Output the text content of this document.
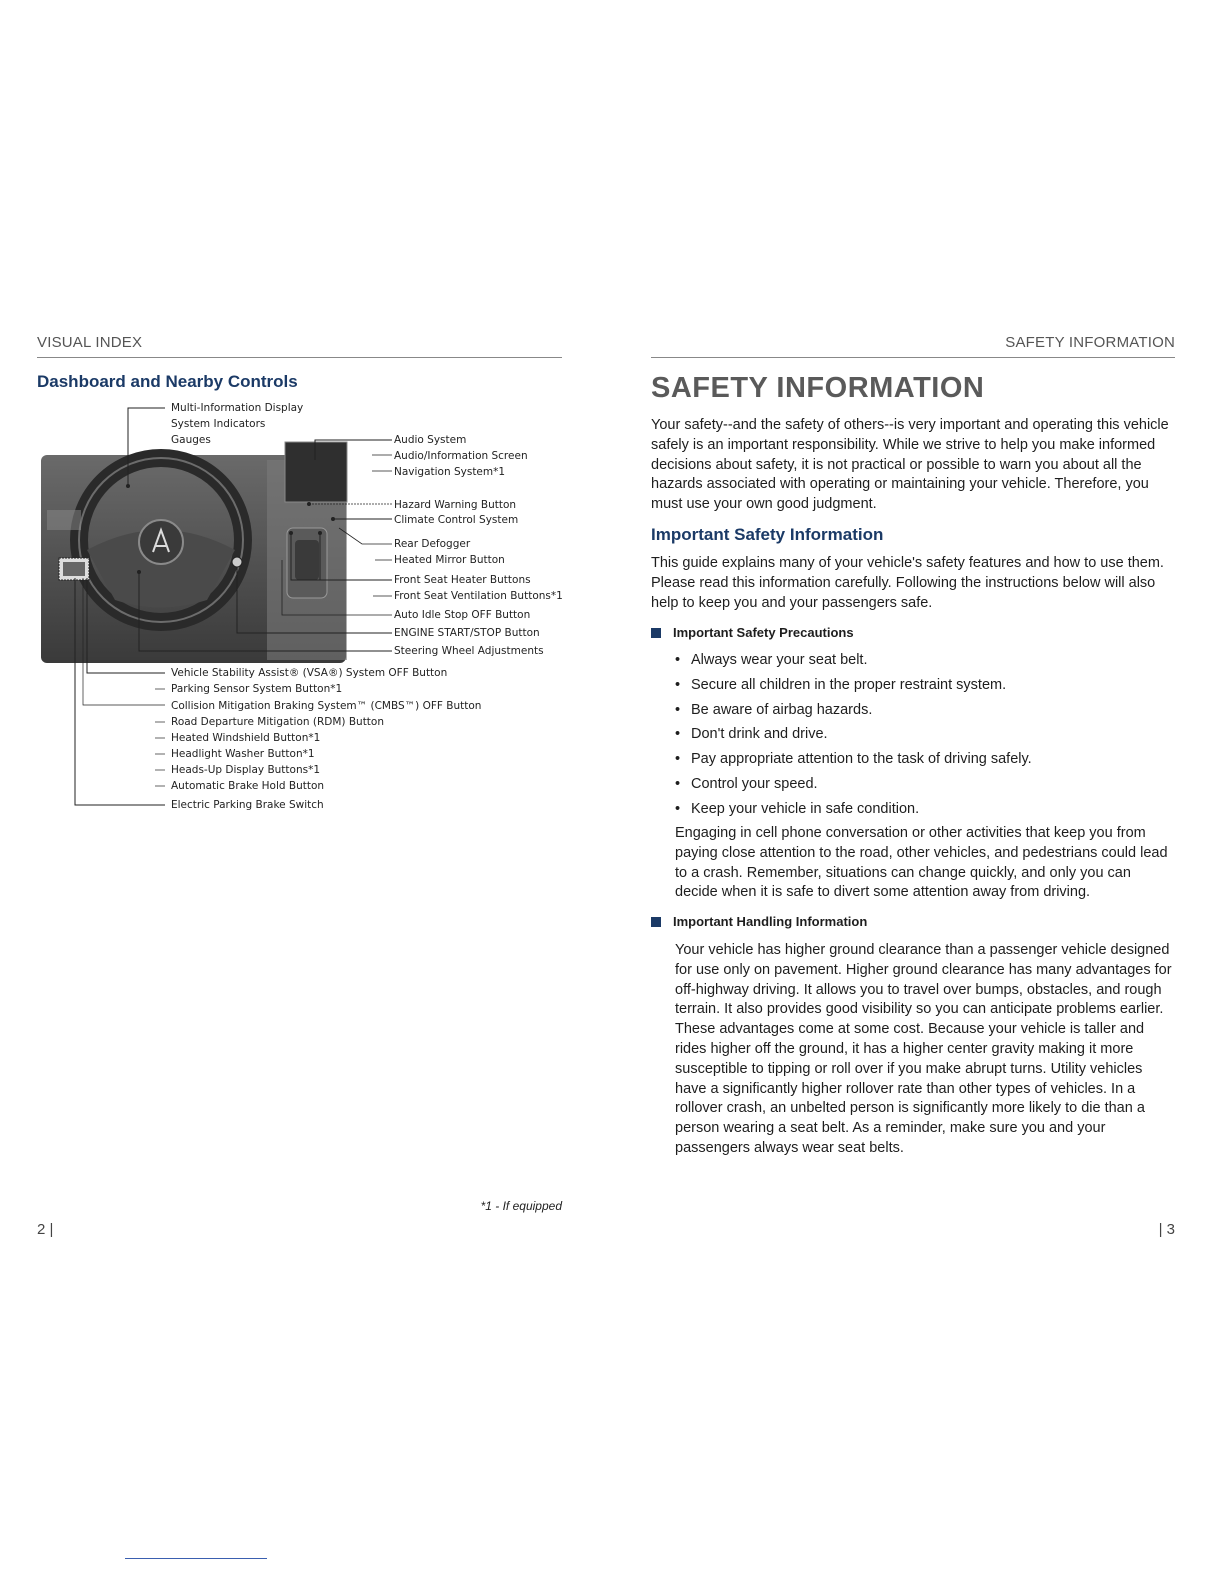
VISUAL INDEX
Dashboard and Nearby Controls
Multi-Information Display
System Indicators
Gauges	Audio System
Audio/Information Screen
Navigation System*1
Hazard Warning Button
Climate Control System
Rear Defogger
Heated Mirror Button
Front Seat Heater Buttons
Front Seat Ventilation Buttons*1
Auto Idle Stop OFF Button
ENGINE START/STOP Button
Steering Wheel Adjustments
Vehicle Stability Assist® (VSA®) System OFF Button
Parking Sensor System Button*1
Collision Mitigation Braking System™ (CMBS™) OFF Button
Road Departure Mitigation (RDM) Button
Heated Windshield Button*1
Headlight Washer Button*1
Heads-Up Display Buttons*1
Automatic Brake Hold Button
Electric Parking Brake Switch
*1 - If equipped
2 |
SAFETY INFORMATION
SAFETY INFORMATION
Your safety--and the safety of others--is very important and operating this vehicle safely is an important responsibility. While we strive to help you make informed decisions about safety, it is not practical or possible to warn you about all the hazards associated with operating or maintaining your vehicle. Therefore, you must use your own good judgment.
Important Safety Information
This guide explains many of your vehicle's safety features and how to use them. Please read this information carefully. Following the instructions below will also help to keep you and your passengers safe.
Important Safety Precautions
• Always wear your seat belt.
• Secure all children in the proper restraint system.
• Be aware of airbag hazards.
• Don't drink and drive.
• Pay appropriate attention to the task of driving safely.
• Control your speed.
• Keep your vehicle in safe condition.
Engaging in cell phone conversation or other activities that keep you from paying close attention to the road, other vehicles, and pedestrians could lead to a crash. Remember, situations can change quickly, and only you can decide when it is safe to divert some attention away from driving.
Important Handling Information
Your vehicle has higher ground clearance than a passenger vehicle designed for use only on pavement. Higher ground clearance has many advantages for off-highway driving. It allows you to travel over bumps, obstacles, and rough terrain. It also provides good visibility so you can anticipate problems earlier. These advantages come at some cost. Because your vehicle is taller and rides higher off the ground, it has a higher center gravity making it more susceptible to tipping or roll over if you make abrupt turns. Utility vehicles have a significantly higher rollover rate than other types of vehicles. In a rollover crash, an unbelted person is significantly more likely to die than a person wearing a seat belt. As a reminder, make sure you and your passengers always wear seat belts.
| 3
